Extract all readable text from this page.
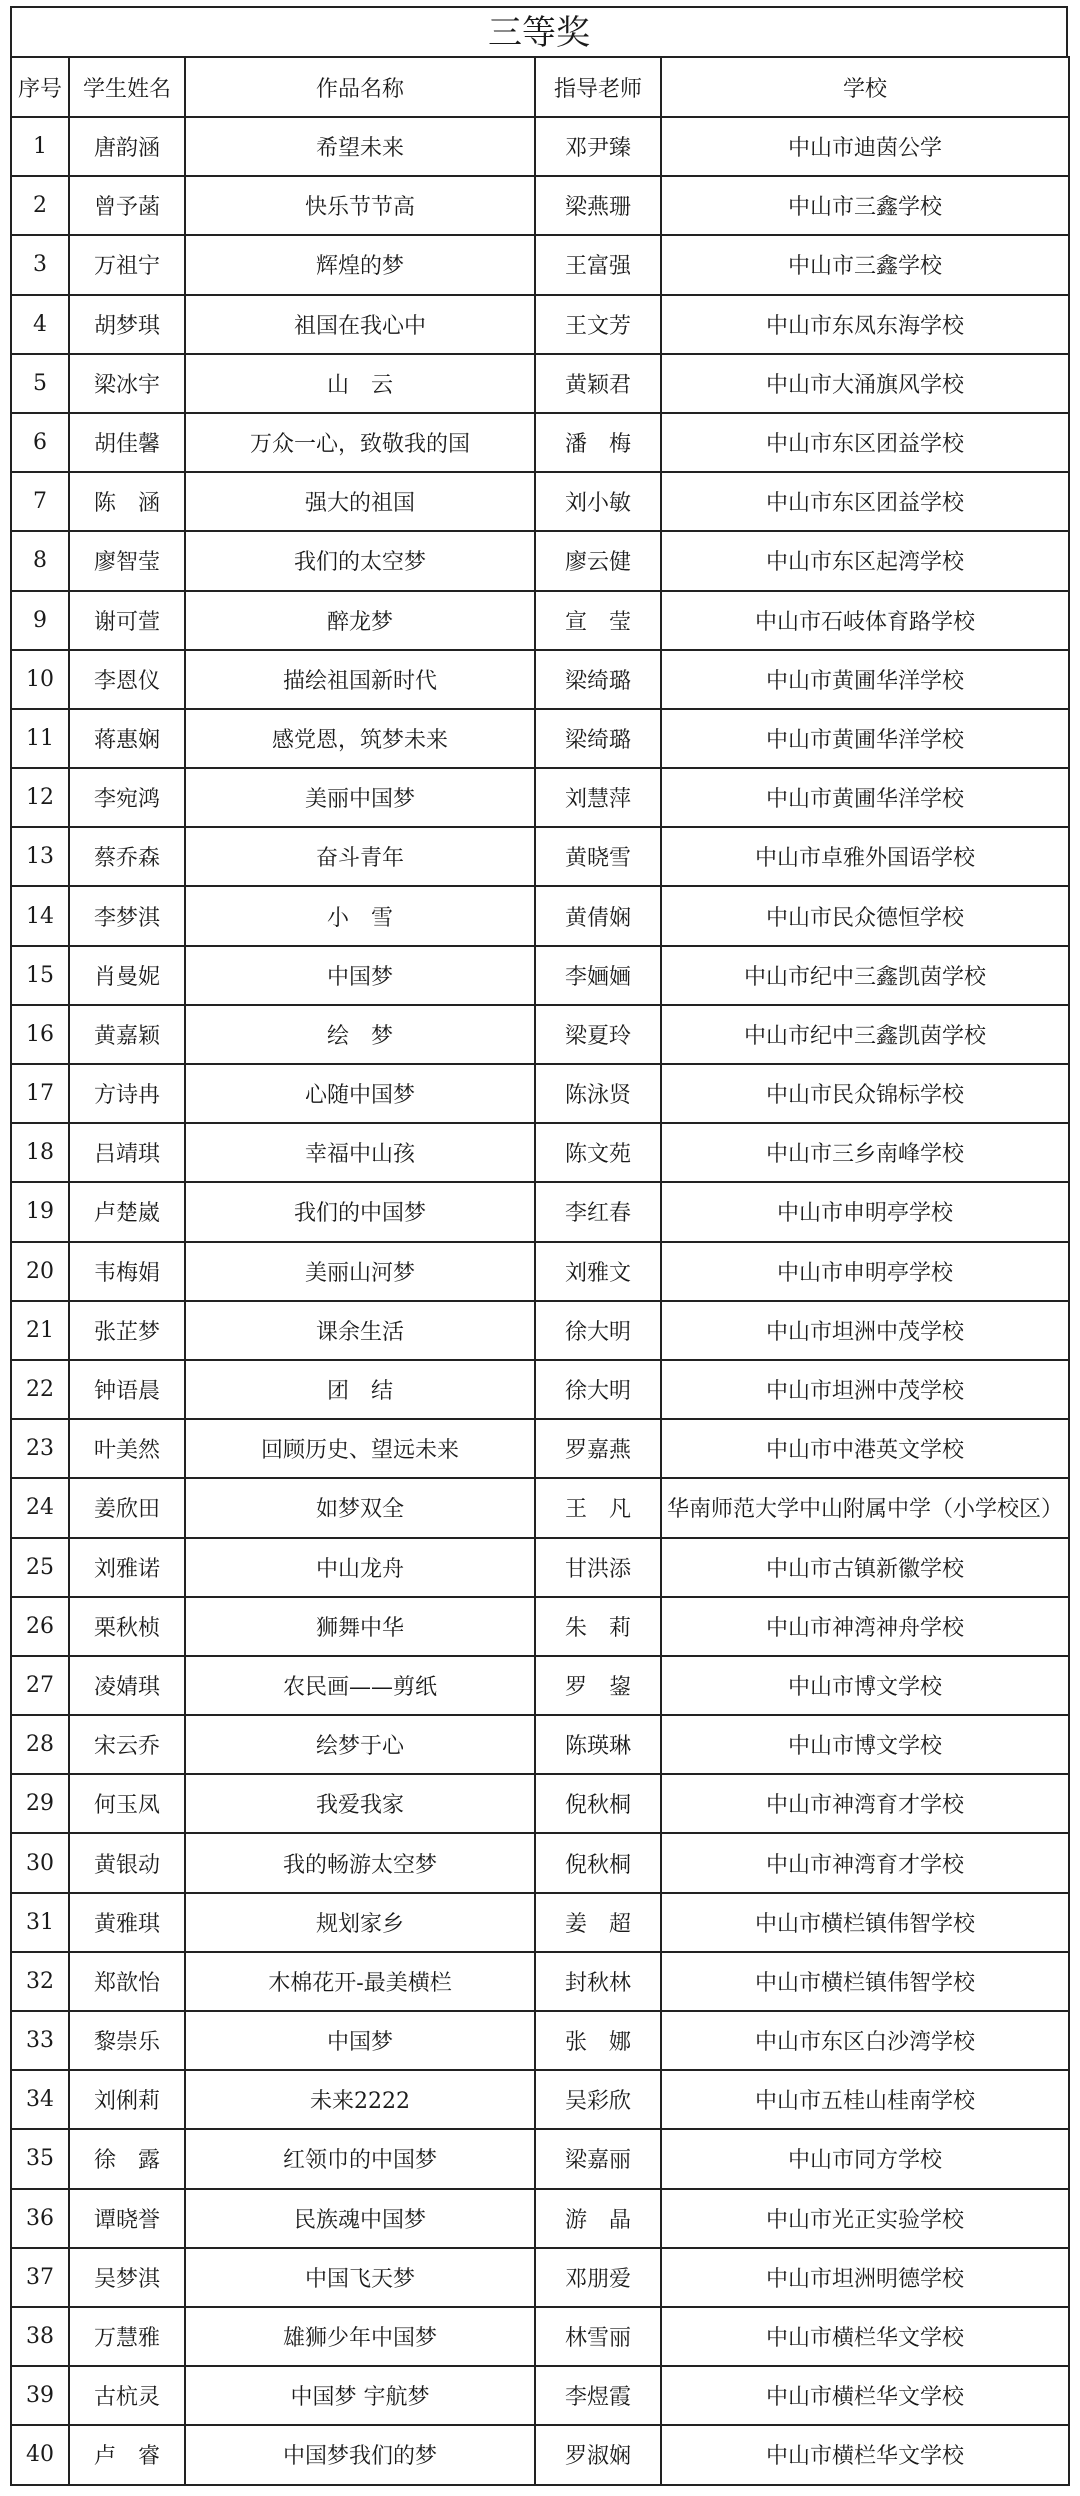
三等奖
序号	学生姓名	作品名称	指导老师	学校
1	唐韵涵	希望未来	邓尹臻	中山市迪茵公学
2	曾予菡	快乐节节高	梁燕珊	中山市三鑫学校
3	万祖宁	辉煌的梦	王富强	中山市三鑫学校
4	胡梦琪	祖国在我心中	王文芳	中山市东凤东海学校
5	梁冰宇	山　云	黄颖君	中山市大涌旗风学校
6	胡佳馨	万众一心，致敬我的国	潘　梅	中山市东区团益学校
7	陈　涵	强大的祖国	刘小敏	中山市东区团益学校
8	廖智莹	我们的太空梦	廖云健	中山市东区起湾学校
9	谢可萱	醉龙梦	宣　莹	中山市石岐体育路学校
10	李恩仪	描绘祖国新时代	梁绮璐	中山市黄圃华洋学校
11	蒋惠娴	感党恩，筑梦未来	梁绮璐	中山市黄圃华洋学校
12	李宛鸿	美丽中国梦	刘慧萍	中山市黄圃华洋学校
13	蔡乔森	奋斗青年	黄晓雪	中山市卓雅外国语学校
14	李梦淇	小　雪	黄倩娴	中山市民众德恒学校
15	肖曼妮	中国梦	李婳婳	中山市纪中三鑫凯茵学校
16	黄嘉颖	绘　梦	梁夏玲	中山市纪中三鑫凯茵学校
17	方诗冉	心随中国梦	陈泳贤	中山市民众锦标学校
18	吕靖琪	幸福中山孩	陈文苑	中山市三乡南峰学校
19	卢楚崴	我们的中国梦	李红春	中山市申明亭学校
20	韦梅娟	美丽山河梦	刘雅文	中山市申明亭学校
21	张芷梦	课余生活	徐大明	中山市坦洲中茂学校
22	钟语晨	团　结	徐大明	中山市坦洲中茂学校
23	叶美然	回顾历史、望远未来	罗嘉燕	中山市中港英文学校
24	姜欣田	如梦双全	王　凡	华南师范大学中山附属中学（小学校区）
25	刘雅诺	中山龙舟	甘洪添	中山市古镇新徽学校
26	栗秋桢	狮舞中华	朱　莉	中山市神湾神舟学校
27	凌婧琪	农民画——剪纸	罗　鋆	中山市博文学校
28	宋云乔	绘梦于心	陈瑛琳	中山市博文学校
29	何玉凤	我爱我家	倪秋桐	中山市神湾育才学校
30	黄银动	我的畅游太空梦	倪秋桐	中山市神湾育才学校
31	黄雅琪	规划家乡	姜　超	中山市横栏镇伟智学校
32	郑歆怡	木棉花开-最美横栏	封秋林	中山市横栏镇伟智学校
33	黎崇乐	中国梦	张　娜	中山市东区白沙湾学校
34	刘俐莉	未来2222	吴彩欣	中山市五桂山桂南学校
35	徐　露	红领巾的中国梦	梁嘉丽	中山市同方学校
36	谭晓誉	民族魂中国梦	游　晶	中山市光正实验学校
37	吴梦淇	中国飞天梦	邓朋爱	中山市坦洲明德学校
38	万慧雅	雄狮少年中国梦	林雪丽	中山市横栏华文学校
39	古杭灵	中国梦 宇航梦	李煜霞	中山市横栏华文学校
40	卢　睿	中国梦我们的梦	罗淑娴	中山市横栏华文学校
